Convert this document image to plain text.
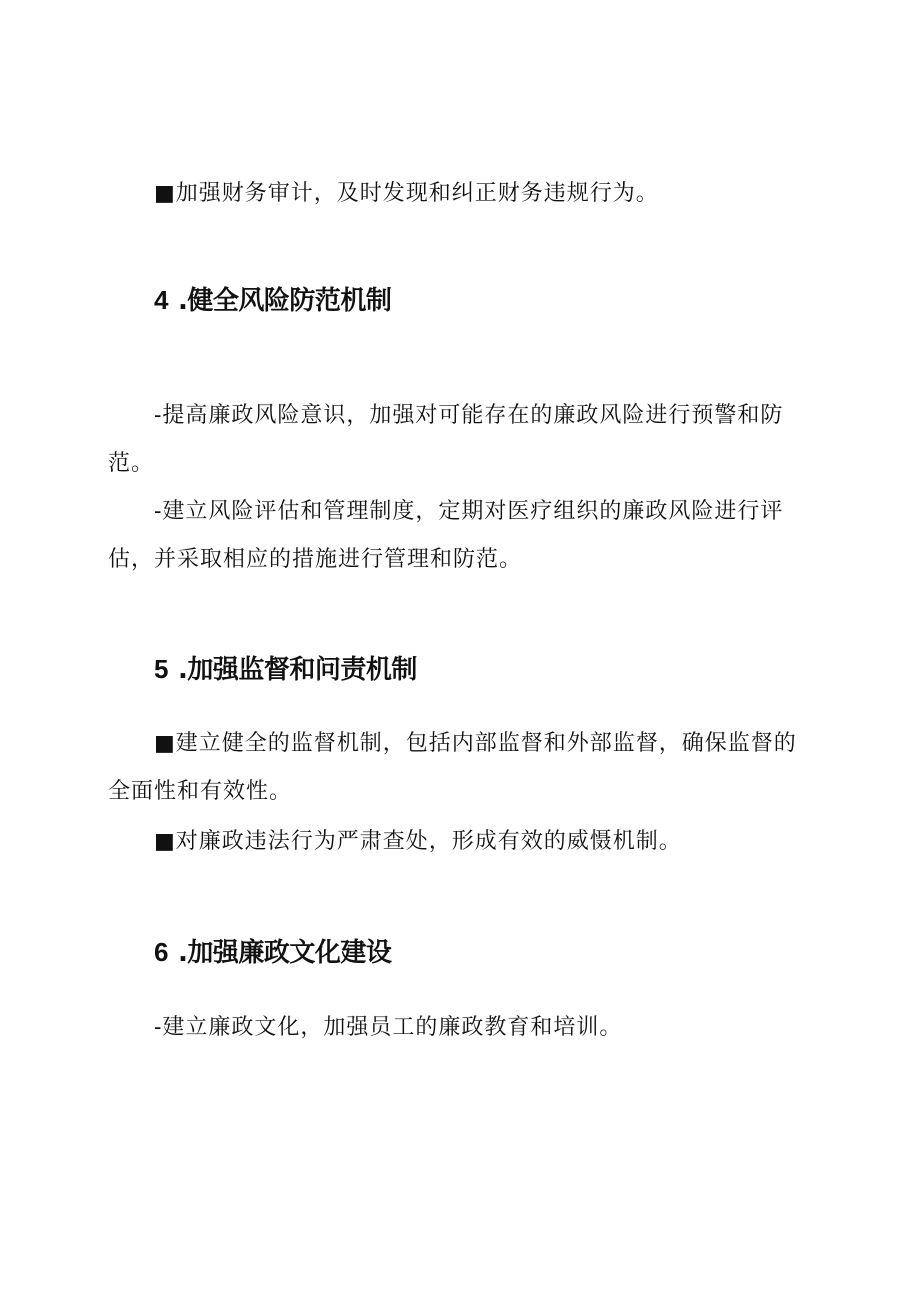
■加强财务审计，及时发现和纠正财务违规行为。

4 .健全风险防范机制

-提高廉政风险意识，加强对可能存在的廉政风险进行预警和防范。

-建立风险评估和管理制度，定期对医疗组织的廉政风险进行评估，并采取相应的措施进行管理和防范。

5 .加强监督和问责机制

■建立健全的监督机制，包括内部监督和外部监督，确保监督的全面性和有效性。

■对廉政违法行为严肃查处，形成有效的威慑机制。

6 .加强廉政文化建设

-建立廉政文化，加强员工的廉政教育和培训。
